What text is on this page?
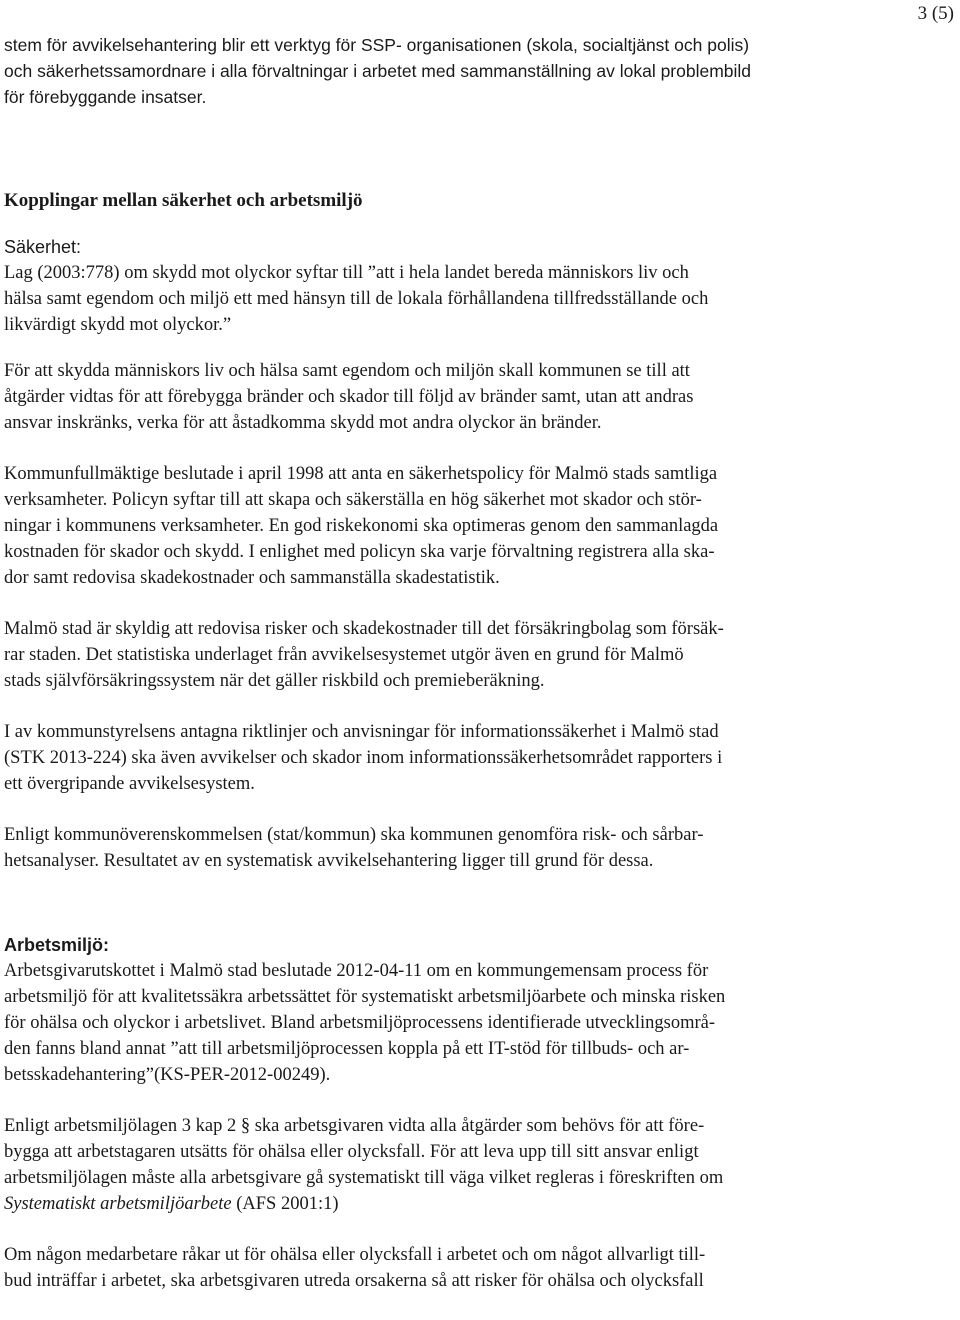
3 (5)

stem för avvikelsehantering blir ett verktyg för SSP- organisationen (skola, socialtjänst och polis)

och säkerhetssamordnare i alla förvaltningar i arbetet med sammanställning av lokal problembild

för förebyggande insatser.

Kopplingar mellan säkerhet och arbetsmiljö

Säkerhet:

Lag (2003:778) om skydd mot olyckor syftar till ”att i hela landet bereda människors liv och

hälsa samt egendom och miljö ett med hänsyn till de lokala förhållandena tillfredsställande och

likvärdigt skydd mot olyckor.”

För att skydda människors liv och hälsa samt egendom och miljön skall kommunen se till att

åtgärder vidtas för att förebygga bränder och skador till följd av bränder samt, utan att andras

ansvar inskränks, verka för att åstadkomma skydd mot andra olyckor än bränder.

Kommunfullmäktige beslutade i april 1998 att anta en säkerhetspolicy för Malmö stads samtliga

verksamheter. Policyn syftar till att skapa och säkerställa en hög säkerhet mot skador och stör-

ningar i kommunens verksamheter. En god riskekonomi ska optimeras genom den sammanlagda

kostnaden för skador och skydd. I enlighet med policyn ska varje förvaltning registrera alla ska-

dor samt redovisa skadekostnader och sammanställa skadestatistik.

Malmö stad är skyldig att redovisa risker och skadekostnader till det försäkringbolag som försäk-

rar staden. Det statistiska underlaget från avvikelsesystemet utgör även en grund för Malmö

stads självförsäkringssystem när det gäller riskbild och premieberäkning.

I av kommunstyrelsens antagna riktlinjer och anvisningar för informationssäkerhet i Malmö stad

(STK 2013-224) ska även avvikelser och skador inom informationssäkerhetsområdet rapporters i

ett övergripande avvikelsesystem.

Enligt kommunöverenskommelsen (stat/kommun) ska kommunen genomföra risk- och sårbar-

hetsanalyser. Resultatet av en systematisk avvikelsehantering ligger till grund för dessa.

Arbetsmiljö:

Arbetsgivarutskottet i Malmö stad beslutade 2012-04-11 om en kommungemensam process för

arbetsmiljö för att kvalitetssäkra arbetssättet för systematiskt arbetsmiljöarbete och minska risken

för ohälsa och olyckor i arbetslivet. Bland arbetsmiljöprocessens identifierade utvecklingsområ-

den fanns bland annat ”att till arbetsmiljöprocessen koppla på ett IT-stöd för tillbuds- och ar-

betsskadehantering”(KS-PER-2012-00249).

Enligt arbetsmiljölagen 3 kap 2 § ska arbetsgivaren vidta alla åtgärder som behövs för att före-

bygga att arbetstagaren utsätts för ohälsa eller olycksfall. För att leva upp till sitt ansvar enligt

arbetsmiljölagen måste alla arbetsgivare gå systematiskt till väga vilket regleras i föreskriften om

Systematiskt arbetsmiljöarbete (AFS 2001:1)

Om någon medarbetare råkar ut för ohälsa eller olycksfall i arbetet och om något allvarligt till-

bud inträffar i arbetet, ska arbetsgivaren utreda orsakerna så att risker för ohälsa och olycksfall
